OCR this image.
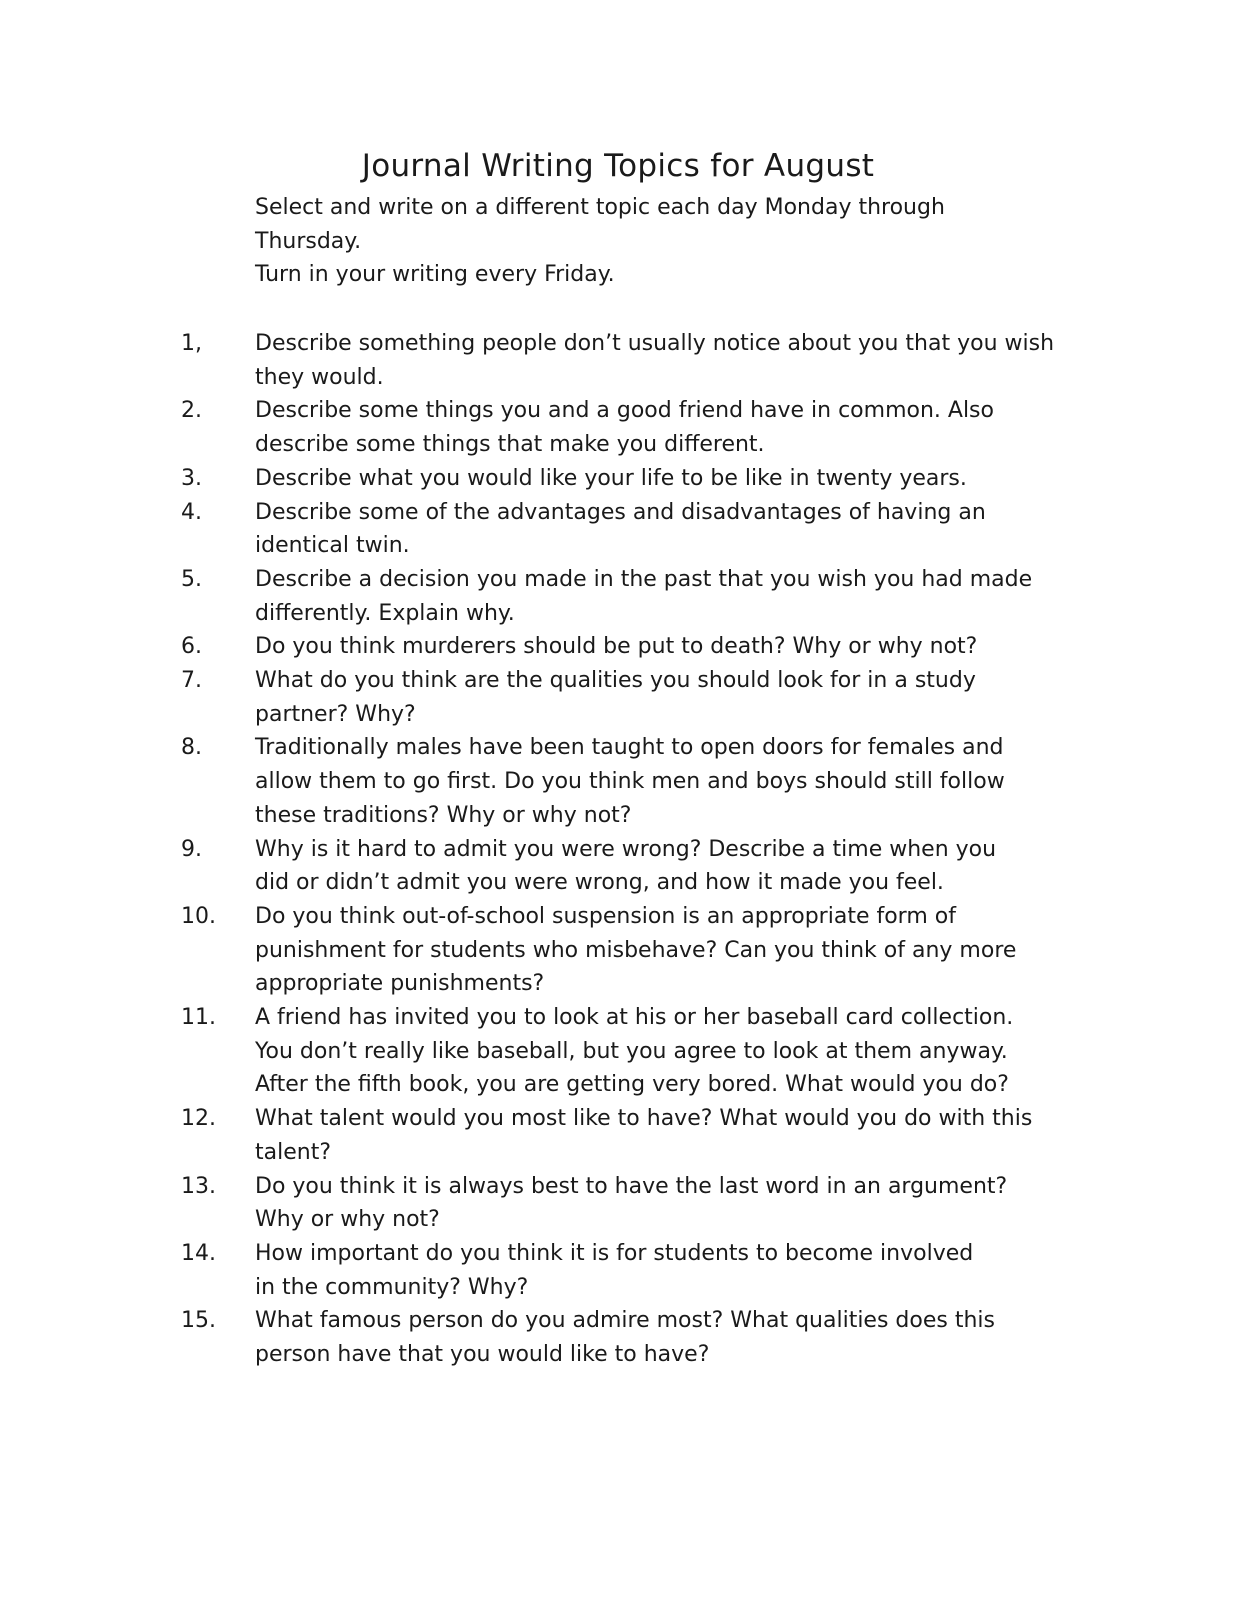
Journal Writing Topics for August

Select and write on a different topic each day Monday through
Thursday.

Turn in your writing every Friday.

1,	Describe something people don’t usually notice about you that you wish
they would.
2.	Describe some things you and a good friend have in common. Also
describe some things that make you different.
3.	Describe what you would like your life to be like in twenty years.
4.	Describe some of the advantages and disadvantages of having an
identical twin.
5.	Describe a decision you made in the past that you wish you had made
differently. Explain why.
6.	Do you think murderers should be put to death? Why or why not?
7.	What do you think are the qualities you should look for in a study
partner? Why?
8.	Traditionally males have been taught to open doors for females and
allow them to go first. Do you think men and boys should still follow
these traditions? Why or why not?
9.	Why is it hard to admit you were wrong? Describe a time when you
did or didn’t admit you were wrong, and how it made you feel.
10.	Do you think out-of-school suspension is an appropriate form of
punishment for students who misbehave? Can you think of any more
appropriate punishments?
11.	A friend has invited you to look at his or her baseball card collection.
You don’t really like baseball, but you agree to look at them anyway.
After the fifth book, you are getting very bored. What would you do?
12.	What talent would you most like to have? What would you do with this
talent?
13.	Do you think it is always best to have the last word in an argument?
Why or why not?
14.	How important do you think it is for students to become involved
in the community? Why?
15.	What famous person do you admire most? What qualities does this
person have that you would like to have?
